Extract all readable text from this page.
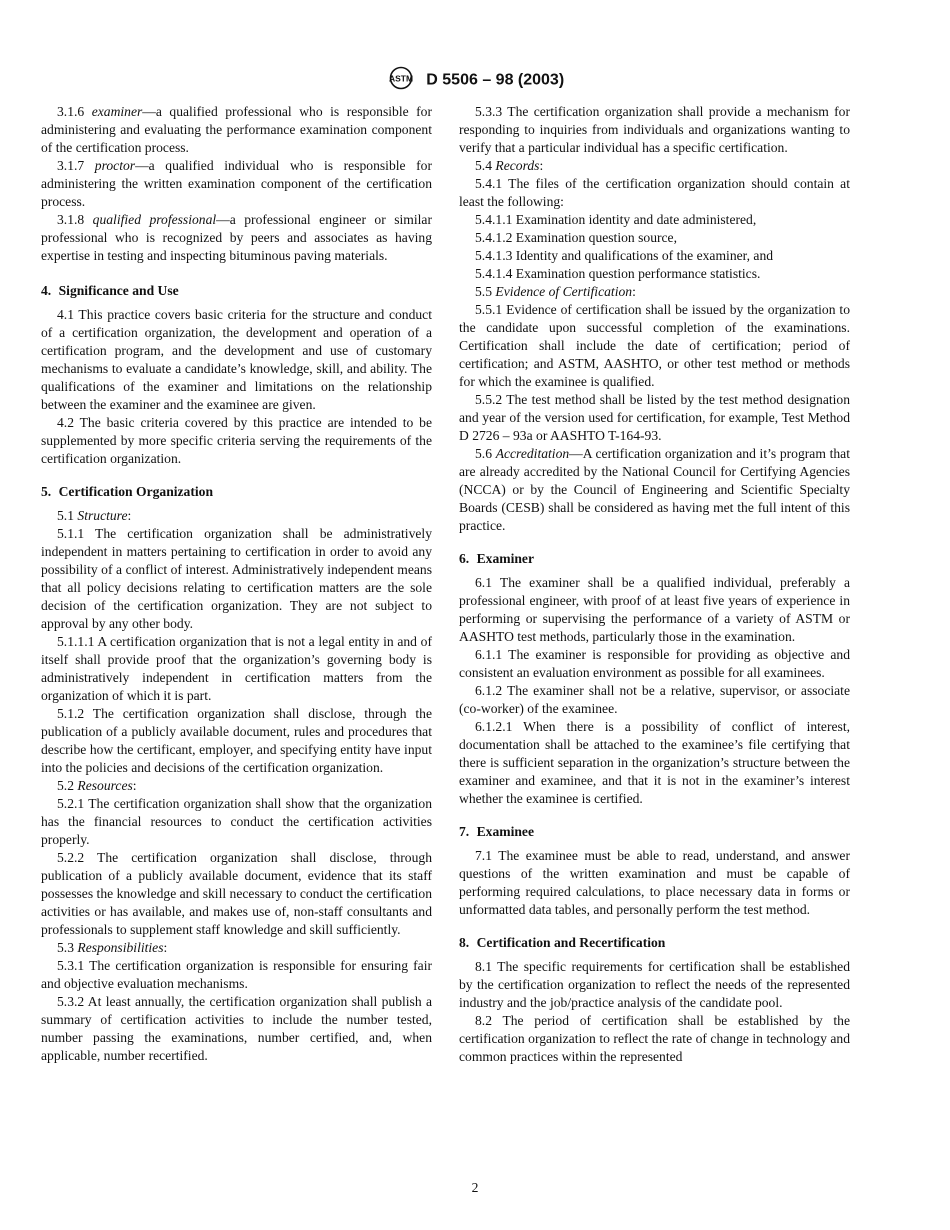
ASTM D 5506 – 98 (2003)

3.1.6 examiner—a qualified professional who is responsible for administering and evaluating the performance examination component of the certification process.

3.1.7 proctor—a qualified individual who is responsible for administering the written examination component of the certification process.

3.1.8 qualified professional—a professional engineer or similar professional who is recognized by peers and associates as having expertise in testing and inspecting bituminous paving materials.

4. Significance and Use

4.1 This practice covers basic criteria for the structure and conduct of a certification organization, the development and operation of a certification program, and the development and use of customary mechanisms to evaluate a candidate’s knowledge, skill, and ability. The qualifications of the examiner and limitations on the relationship between the examiner and the examinee are given.

4.2 The basic criteria covered by this practice are intended to be supplemented by more specific criteria serving the requirements of the certification organization.

5. Certification Organization

5.1 Structure:

5.1.1 The certification organization shall be administratively independent in matters pertaining to certification in order to avoid any possibility of a conflict of interest. Administratively independent means that all policy decisions relating to certification matters are the sole decision of the certification organization. They are not subject to approval by any other body.

5.1.1.1 A certification organization that is not a legal entity in and of itself shall provide proof that the organization’s governing body is administratively independent in certification matters from the organization of which it is part.

5.1.2 The certification organization shall disclose, through the publication of a publicly available document, rules and procedures that describe how the certificant, employer, and specifying entity have input into the policies and decisions of the certification organization.

5.2 Resources:

5.2.1 The certification organization shall show that the organization has the financial resources to conduct the certification activities properly.

5.2.2 The certification organization shall disclose, through publication of a publicly available document, evidence that its staff possesses the knowledge and skill necessary to conduct the certification activities or has available, and makes use of, non-staff consultants and professionals to supplement staff knowledge and skill sufficiently.

5.3 Responsibilities:

5.3.1 The certification organization is responsible for ensuring fair and objective evaluation mechanisms.

5.3.2 At least annually, the certification organization shall publish a summary of certification activities to include the number tested, number passing the examinations, number certified, and, when applicable, number recertified.

5.3.3 The certification organization shall provide a mechanism for responding to inquiries from individuals and organizations wanting to verify that a particular individual has a specific certification.

5.4 Records:

5.4.1 The files of the certification organization should contain at least the following:

5.4.1.1 Examination identity and date administered,

5.4.1.2 Examination question source,

5.4.1.3 Identity and qualifications of the examiner, and

5.4.1.4 Examination question performance statistics.

5.5 Evidence of Certification:

5.5.1 Evidence of certification shall be issued by the organization to the candidate upon successful completion of the examinations. Certification shall include the date of certification; period of certification; and ASTM, AASHTO, or other test method or methods for which the examinee is qualified.

5.5.2 The test method shall be listed by the test method designation and year of the version used for certification, for example, Test Method D 2726 – 93a or AASHTO T-164-93.

5.6 Accreditation—A certification organization and it’s program that are already accredited by the National Council for Certifying Agencies (NCCA) or by the Council of Engineering and Scientific Specialty Boards (CESB) shall be considered as having met the full intent of this practice.

6. Examiner

6.1 The examiner shall be a qualified individual, preferably a professional engineer, with proof of at least five years of experience in performing or supervising the performance of a variety of ASTM or AASHTO test methods, particularly those in the examination.

6.1.1 The examiner is responsible for providing as objective and consistent an evaluation environment as possible for all examinees.

6.1.2 The examiner shall not be a relative, supervisor, or associate (co-worker) of the examinee.

6.1.2.1 When there is a possibility of conflict of interest, documentation shall be attached to the examinee’s file certifying that there is sufficient separation in the organization’s structure between the examiner and examinee, and that it is not in the examiner’s interest whether the examinee is certified.

7. Examinee

7.1 The examinee must be able to read, understand, and answer questions of the written examination and must be capable of performing required calculations, to place necessary data in forms or unformatted data tables, and personally perform the test method.

8. Certification and Recertification

8.1 The specific requirements for certification shall be established by the certification organization to reflect the needs of the represented industry and the job/practice analysis of the candidate pool.

8.2 The period of certification shall be established by the certification organization to reflect the rate of change in technology and common practices within the represented

2
